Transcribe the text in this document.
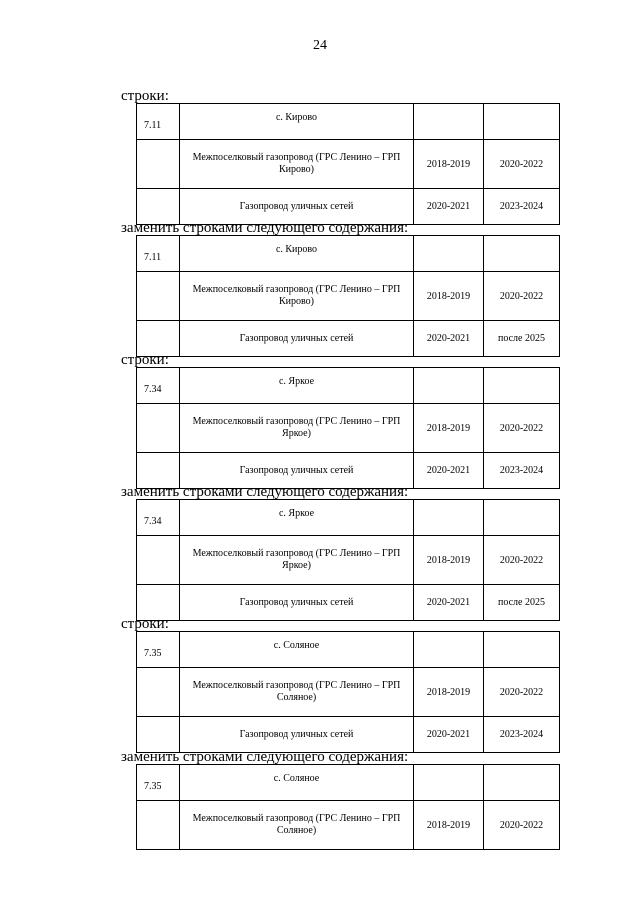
24
строки:
7.11	с. Кирово		
	Межпоселковый газопровод (ГРС Ленино – ГРП Кирово)	2018-2019	2020-2022
	Газопровод уличных сетей	2020-2021	2023-2024
заменить строками следующего содержания:
7.11	с. Кирово		
	Межпоселковый газопровод (ГРС Ленино – ГРП Кирово)	2018-2019	2020-2022
	Газопровод уличных сетей	2020-2021	после 2025
строки:
7.34	с. Яркое		
	Межпоселковый газопровод (ГРС Ленино – ГРП Яркое)	2018-2019	2020-2022
	Газопровод уличных сетей	2020-2021	2023-2024
заменить строками следующего содержания:
7.34	с. Яркое		
	Межпоселковый газопровод (ГРС Ленино – ГРП Яркое)	2018-2019	2020-2022
	Газопровод уличных сетей	2020-2021	после 2025
строки:
7.35	с. Соляное		
	Межпоселковый газопровод (ГРС Ленино – ГРП Соляное)	2018-2019	2020-2022
	Газопровод уличных сетей	2020-2021	2023-2024
заменить строками следующего содержания:
7.35	с. Соляное		
	Межпоселковый газопровод (ГРС Ленино – ГРП Соляное)	2018-2019	2020-2022
